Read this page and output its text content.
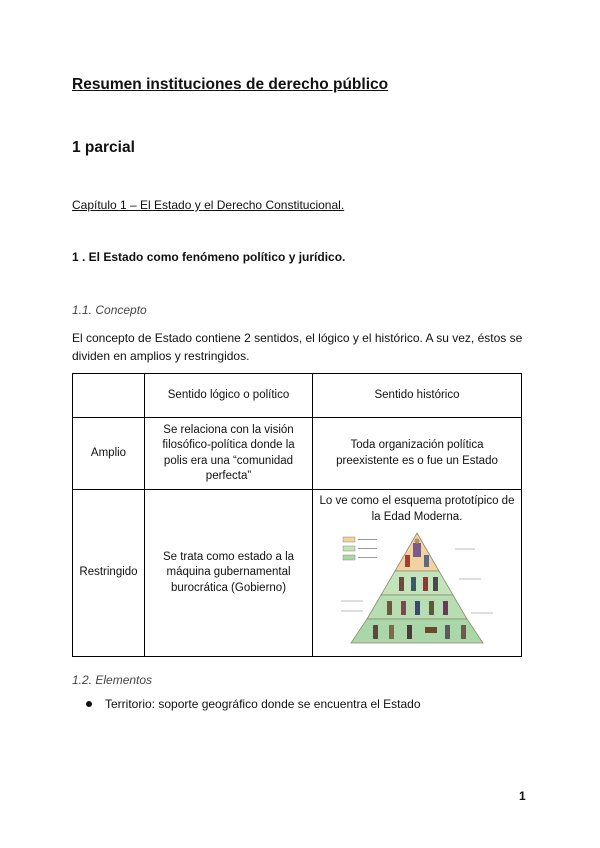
Resumen instituciones de derecho público
1 parcial
Capítulo 1 – El Estado y el Derecho Constitucional.
1 . El Estado como fenómeno político y jurídico.
1.1. Concepto
El concepto de Estado contiene 2 sentidos, el lógico y el histórico. A su vez, éstos se dividen en amplios y restringidos.
	Sentido lógico o político	Sentido histórico
Amplio	Se relaciona con la visión filosófico-política donde la polis era una “comunidad perfecta”	Toda organización política preexistente es o fue un Estado
Restringido	Se trata como estado a la máquina gubernamental burocrática (Gobierno)	Lo ve como el esquema prototípico de la Edad Moderna.
1.2. Elementos
Territorio: soporte geográfico donde se encuentra el Estado
1
